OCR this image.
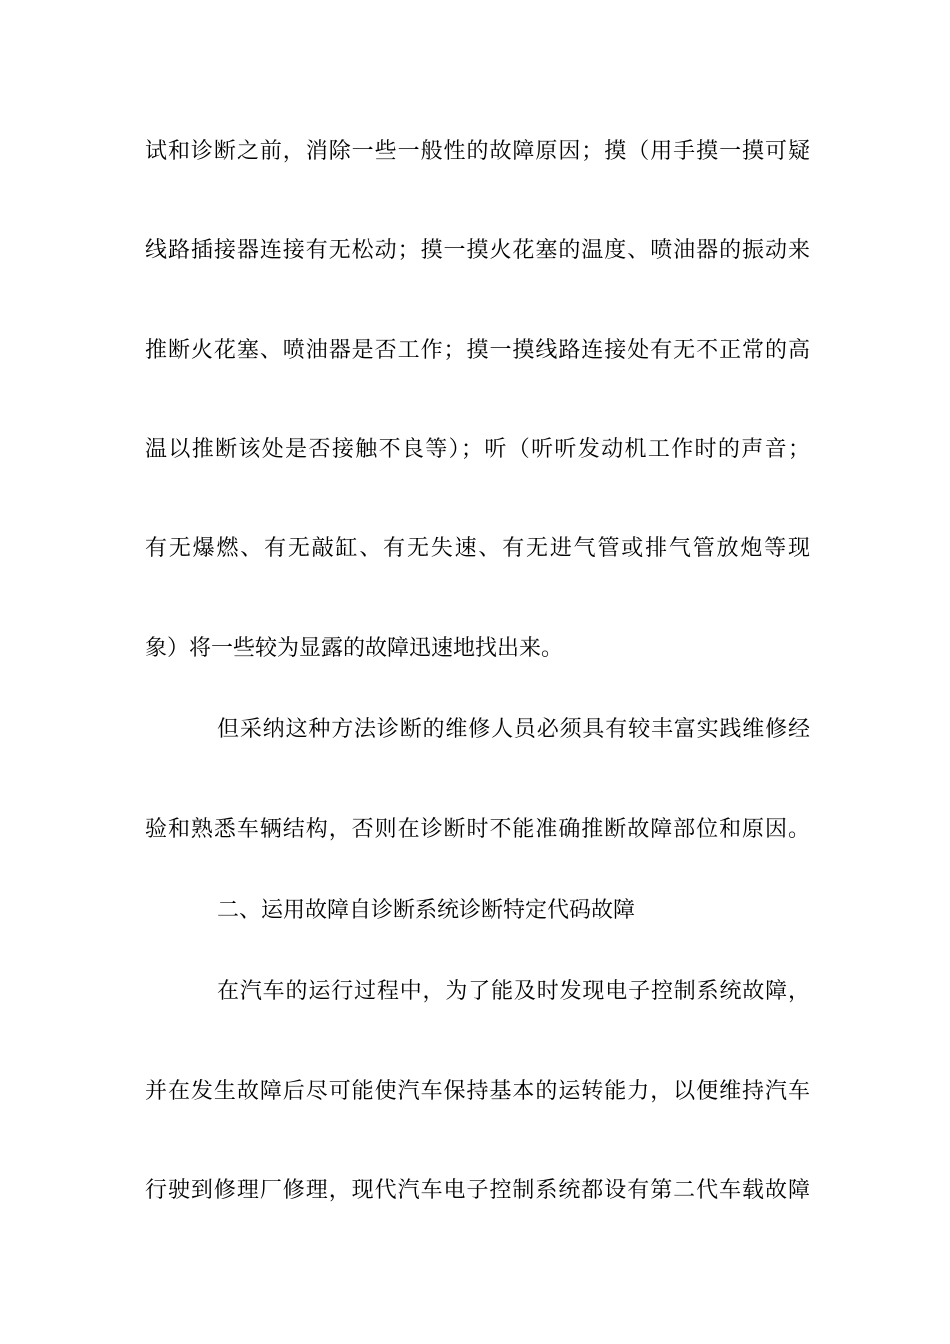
试和诊断之前，消除一些一般性的故障原因；摸（用手摸一摸可疑
线路插接器连接有无松动；摸一摸火花塞的温度、喷油器的振动来
推断火花塞、喷油器是否工作；摸一摸线路连接处有无不正常的高
温以推断该处是否接触不良等）；听（听听发动机工作时的声音；
有无爆燃、有无敲缸、有无失速、有无进气管或排气管放炮等现
象）将一些较为显露的故障迅速地找出来。
但采纳这种方法诊断的维修人员必须具有较丰富实践维修经
验和熟悉车辆结构，否则在诊断时不能准确推断故障部位和原因。
二、运用故障自诊断系统诊断特定代码故障
在汽车的运行过程中，为了能及时发现电子控制系统故障，
并在发生故障后尽可能使汽车保持基本的运转能力，以便维持汽车
行驶到修理厂修理，现代汽车电子控制系统都设有第二代车载故障
